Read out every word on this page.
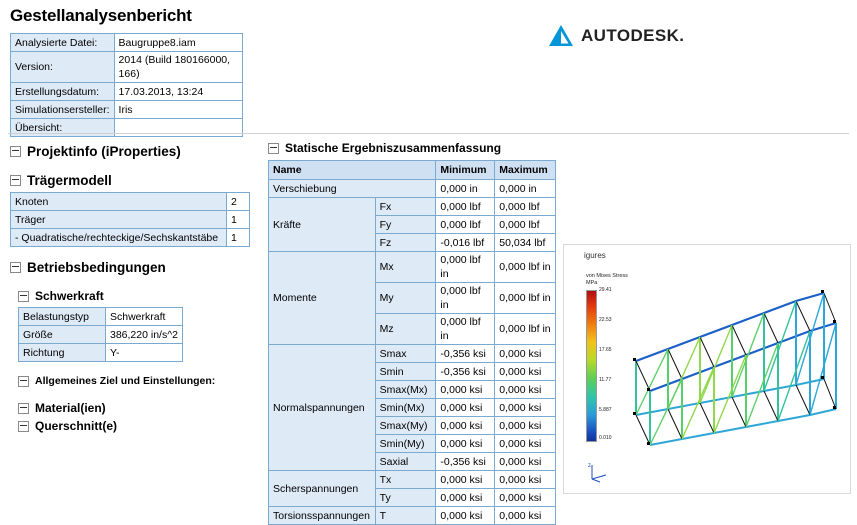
Gestellanalysenbericht
AUTODESK.
Analysierte Datei:	Baugruppe8.iam
Version:	2014 (Build 180166000, 166)
Erstellungsdatum:	17.03.2013, 13:24
Simulationsersteller:	Iris
Übersicht:	
Projektinfo (iProperties)
Trägermodell
Knoten	2
Träger	1
- Quadratische/rechteckige/Sechskantstäbe	1
Betriebsbedingungen
Schwerkraft
Belastungstyp	Schwerkraft
Größe	386,220 in/s^2
Richtung	Y-
Allgemeines Ziel und Einstellungen:
Material(ien)
Querschnitt(e)
Statische Ergebniszusammenfassung
Name		Minimum	Maximum
Verschiebung		0,000 in	0,000 in
Kräfte	Fx	0,000 lbf	0,000 lbf
	Fy	0,000 lbf	0,000 lbf
	Fz	-0,016 lbf	50,034 lbf
Momente	Mx	0,000 lbf in	0,000 lbf in
	My	0,000 lbf in	0,000 lbf in
	Mz	0,000 lbf in	0,000 lbf in
Normalspannungen	Smax	-0,356 ksi	0,000 ksi
	Smin	-0,356 ksi	0,000 ksi
	Smax(Mx)	0,000 ksi	0,000 ksi
	Smin(Mx)	0,000 ksi	0,000 ksi
	Smax(My)	0,000 ksi	0,000 ksi
	Smin(My)	0,000 ksi	0,000 ksi
	Saxial	-0,356 ksi	0,000 ksi
Scherspannungen	Tx	0,000 ksi	0,000 ksi
	Ty	0,000 ksi	0,000 ksi
Torsionsspannungen	T	0,000 ksi	0,000 ksi
igures
von Mises Stress
MPa
29.41
22.53
17.65
11.77
5.887
0.010
z
